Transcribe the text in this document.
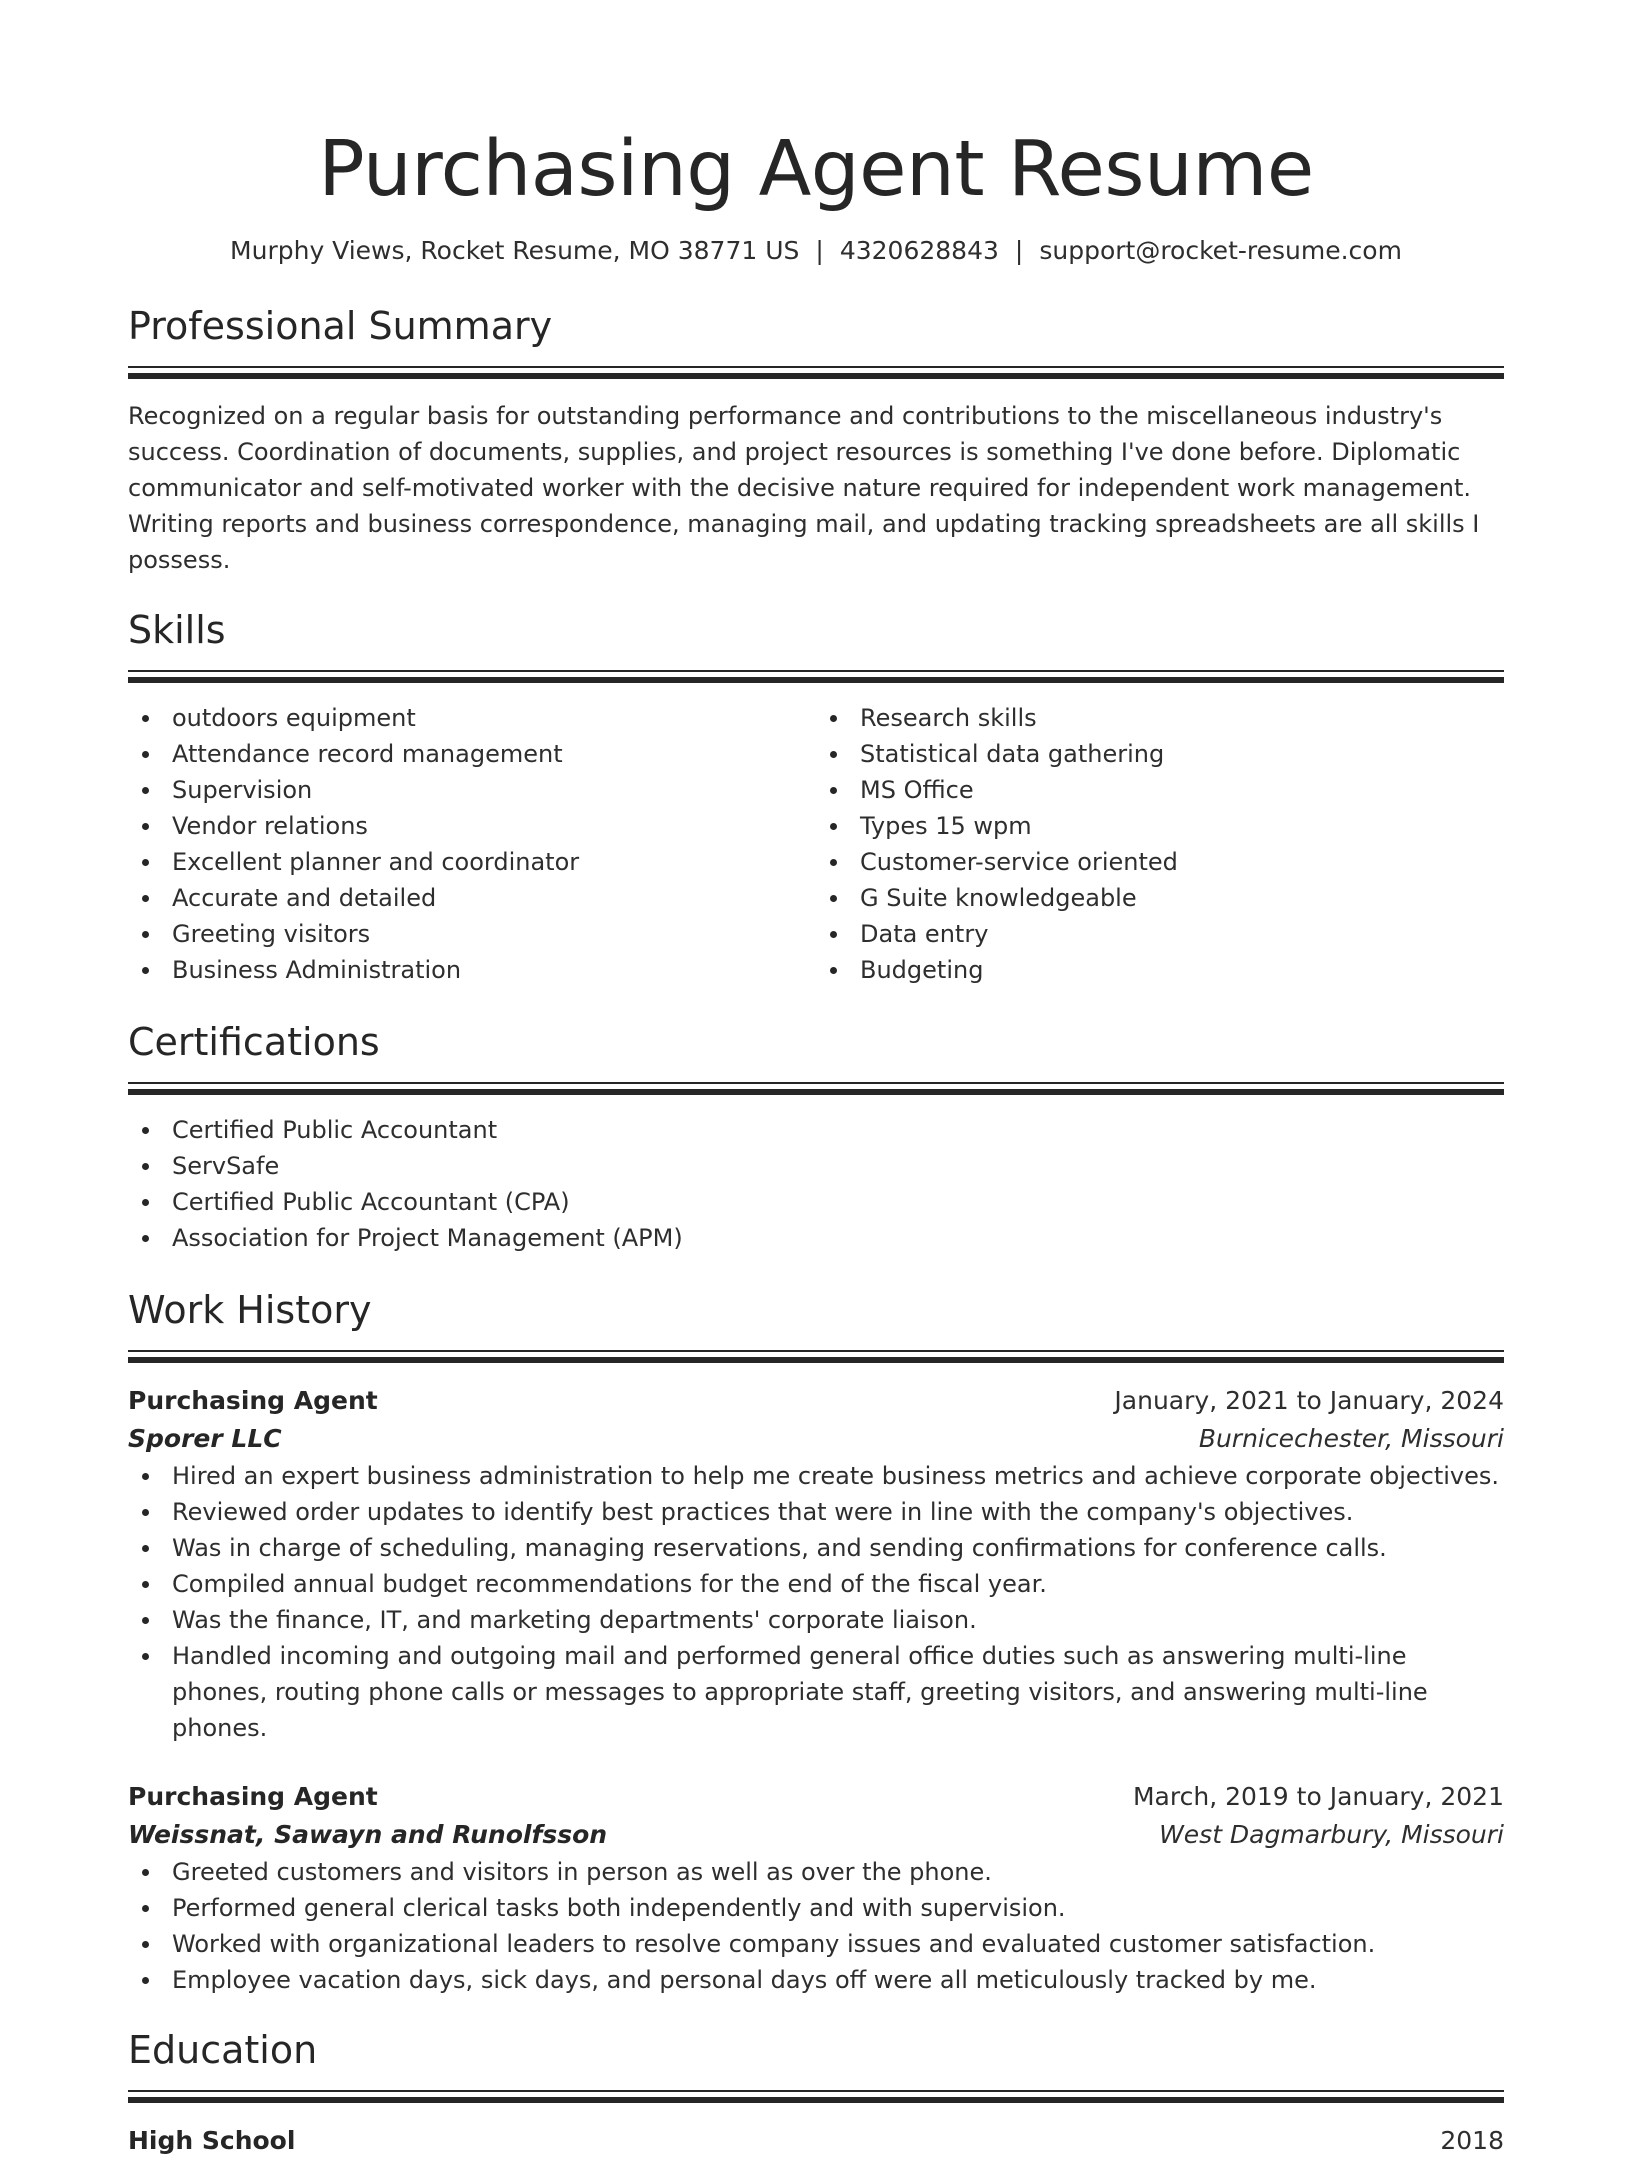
Purchasing Agent Resume
Murphy Views, Rocket Resume, MO 38771 US | 4320628843 | support@rocket-resume.com
Professional Summary

Recognized on a regular basis for outstanding performance and contributions to the miscellaneous industry's success. Coordination of documents, supplies, and project resources is something I've done before. Diplomatic communicator and self-motivated worker with the decisive nature required for independent work management. Writing reports and business correspondence, managing mail, and updating tracking spreadsheets are all skills I possess.

Skills
outdoors equipment
Attendance record management
Supervision
Vendor relations
Excellent planner and coordinator
Accurate and detailed
Greeting visitors
Business Administration
Research skills
Statistical data gathering
MS Office
Types 15 wpm
Customer-service oriented
G Suite knowledgeable
Data entry
Budgeting
Certifications
Certified Public Accountant
ServSafe
Certified Public Accountant (CPA)
Association for Project Management (APM)
Work History
Purchasing Agent	January, 2021 to January, 2024
Sporer LLC	Burnicechester, Missouri
Hired an expert business administration to help me create business metrics and achieve corporate objectives.
Reviewed order updates to identify best practices that were in line with the company's objectives.
Was in charge of scheduling, managing reservations, and sending confirmations for conference calls.
Compiled annual budget recommendations for the end of the fiscal year.
Was the finance, IT, and marketing departments' corporate liaison.
Handled incoming and outgoing mail and performed general office duties such as answering multi-line phones, routing phone calls or messages to appropriate staff, greeting visitors, and answering multi-line phones.
Purchasing Agent	March, 2019 to January, 2021
Weissnat, Sawayn and Runolfsson	West Dagmarbury, Missouri
Greeted customers and visitors in person as well as over the phone.
Performed general clerical tasks both independently and with supervision.
Worked with organizational leaders to resolve company issues and evaluated customer satisfaction.
Employee vacation days, sick days, and personal days off were all meticulously tracked by me.
Education
High School	2018
